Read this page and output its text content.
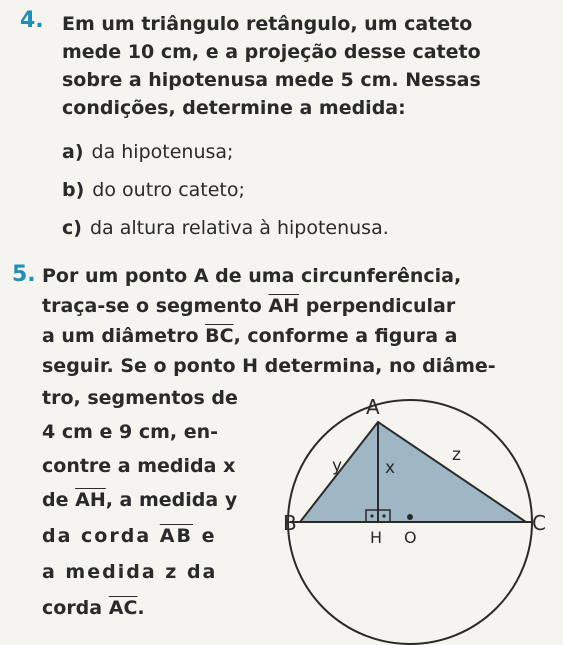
4. Em um triângulo retângulo, um cateto
mede 10 cm, e a projeção desse cateto
sobre a hipotenusa mede 5 cm. Nessas
condições, determine a medida:
a) da hipotenusa;
b) do outro cateto;
c) da altura relativa à hipotenusa.
5. Por um ponto A de uma circunferência,
traça-se o segmento $\overline{AH}$ perpendicular
a um diâmetro $\overline{BC}$, conforme a figura a
seguir. Se o ponto H determina, no diâme-
tro, segmentos de
4 cm e 9 cm, en-
contre a medida x
de $\overline{AH}$, a medida y
da corda $\overline{AB}$ e
a medida z da
corda $\overline{AC}$.
A
B	C
H O
x
y
z
